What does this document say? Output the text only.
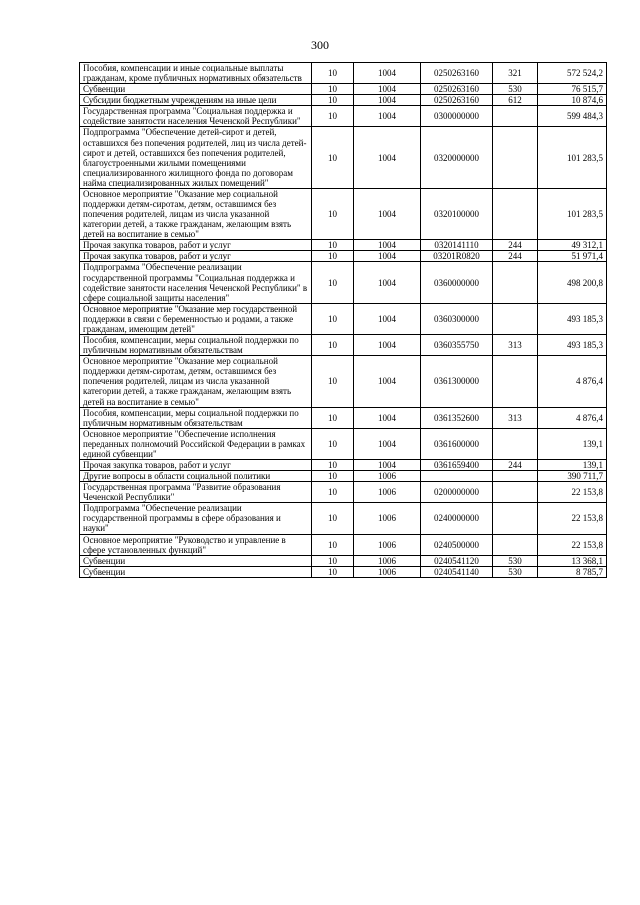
300
Пособия, компенсации и иные социальные выплаты гражданам, кроме публичных нормативных обязательств	10	1004	0250263160	321	572 524,2
Субвенции	10	1004	0250263160	530	76 515,7
Субсидии бюджетным учреждениям на иные цели	10	1004	0250263160	612	10 874,6
Государственная программа "Социальная поддержка и содействие занятости населения Чеченской Республики"	10	1004	0300000000		599 484,3
Подпрограмма "Обеспечение детей-сирот и детей, оставшихся без попечения родителей, лиц из числа детей-сирот и детей, оставшихся без попечения родителей, благоустроенными жилыми помещениями специализированного жилищного фонда по договорам найма специализированных жилых помещений"	10	1004	0320000000		101 283,5
Основное мероприятие "Оказание мер социальной поддержки детям-сиротам, детям, оставшимся без попечения родителей, лицам из числа указанной категории детей, а также гражданам, желающим взять детей на воспитание в семью"	10	1004	0320100000		101 283,5
Прочая закупка товаров, работ и услуг	10	1004	0320141110	244	49 312,1
Прочая закупка товаров, работ и услуг	10	1004	03201R0820	244	51 971,4
Подпрограмма "Обеспечение реализации государственной программы "Социальная поддержка и содействие занятости населения Чеченской Республики" в сфере социальной защиты населения"	10	1004	0360000000		498 200,8
Основное мероприятие "Оказание мер государственной поддержки в связи с беременностью и родами, а также гражданам, имеющим детей"	10	1004	0360300000		493 185,3
Пособия, компенсации, меры социальной поддержки по публичным нормативным обязательствам	10	1004	0360355750	313	493 185,3
Основное мероприятие "Оказание мер социальной поддержки детям-сиротам, детям, оставшимся без попечения родителей, лицам из числа указанной категории детей, а также гражданам, желающим взять детей на воспитание в семью"	10	1004	0361300000		4 876,4
Пособия, компенсации, меры социальной поддержки по публичным нормативным обязательствам	10	1004	0361352600	313	4 876,4
Основное мероприятие "Обеспечение исполнения переданных полномочий Российской Федерации в рамках единой субвенции"	10	1004	0361600000		139,1
Прочая закупка товаров, работ и услуг	10	1004	0361659400	244	139,1
Другие вопросы в области социальной политики	10	1006			390 711,7
Государственная программа "Развитие образования Чеченской Республики"	10	1006	0200000000		22 153,8
Подпрограмма "Обеспечение реализации государственной программы в сфере образования и науки"	10	1006	0240000000		22 153,8
Основное мероприятие "Руководство и управление в сфере установленных функций"	10	1006	0240500000		22 153,8
Субвенции	10	1006	0240541120	530	13 368,1
Субвенции	10	1006	0240541140	530	8 785,7
